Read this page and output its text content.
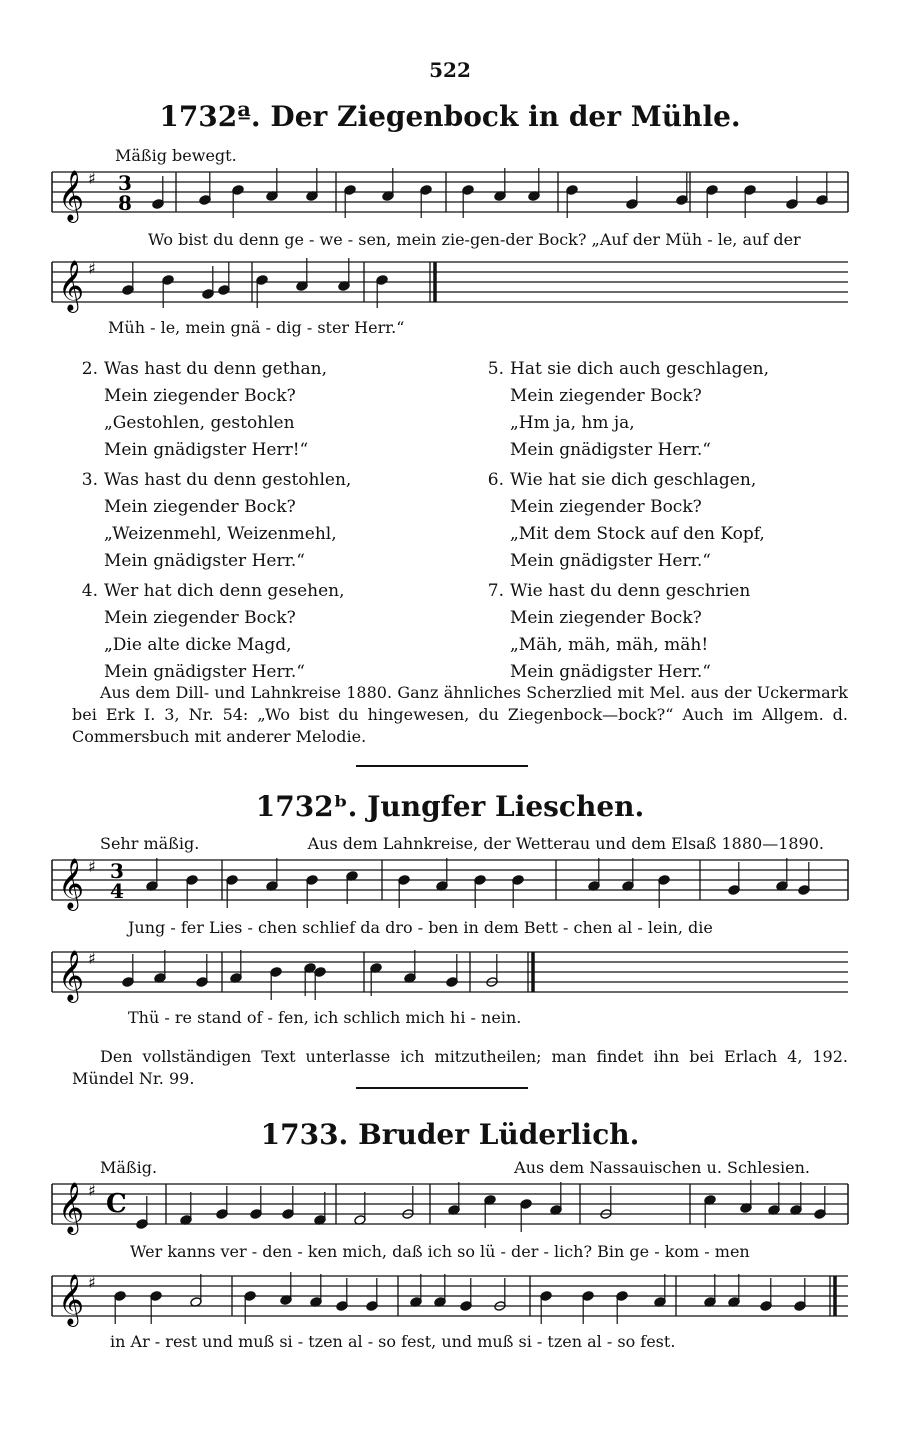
522
1732ª. Der Ziegenbock in der Mühle.
Mäßig bewegt.
𝄞 ♯ 3
8
𝄞 ♯
𝄞 ♯ 3
4
𝄞 ♯
𝄞 ♯ C
𝄞 ♯
Wo bist du denn ge - we - sen, mein zie-gen-der Bock? „Auf der Müh - le, auf der
Müh - le, mein gnä - dig - ster Herr.“
2. Was hast du denn gethan,
Mein ziegender Bock?
„Gestohlen, gestohlen
Mein gnädigster Herr!“
3. Was hast du denn gestohlen,
Mein ziegender Bock?
„Weizenmehl, Weizenmehl,
Mein gnädigster Herr.“
4. Wer hat dich denn gesehen,
Mein ziegender Bock?
„Die alte dicke Magd,
Mein gnädigster Herr.“
5. Hat sie dich auch geschlagen,
Mein ziegender Bock?
„Hm ja, hm ja,
Mein gnädigster Herr.“
6. Wie hat sie dich geschlagen,
Mein ziegender Bock?
„Mit dem Stock auf den Kopf,
Mein gnädigster Herr.“
7. Wie hast du denn geschrien
Mein ziegender Bock?
„Mäh, mäh, mäh, mäh!
Mein gnädigster Herr.“
Aus dem Dill- und Lahnkreise 1880. Ganz ähnliches Scherzlied mit Mel. aus der Uckermark bei Erk I. 3, Nr. 54: „Wo bist du hingewesen, du Ziegenbock—bock?“ Auch im Allgem. d. Commersbuch mit anderer Melodie.
1732ᵇ. Jungfer Lieschen.
Sehr mäßig.	Aus dem Lahnkreise, der Wetterau und dem Elsaß 1880—1890.
Jung - fer Lies - chen schlief da dro - ben in dem Bett - chen al - lein, die
Thü - re stand of - fen, ich schlich mich hi - nein.
Den vollständigen Text unterlasse ich mitzutheilen; man findet ihn bei Erlach 4, 192. Mündel Nr. 99.
1733. Bruder Lüderlich.
Mäßig.	Aus dem Nassauischen u. Schlesien.
Wer kanns ver - den - ken mich, daß ich so lü - der - lich? Bin ge - kom - men
in Ar - rest und muß si - tzen al - so fest, und muß si - tzen al - so fest.
